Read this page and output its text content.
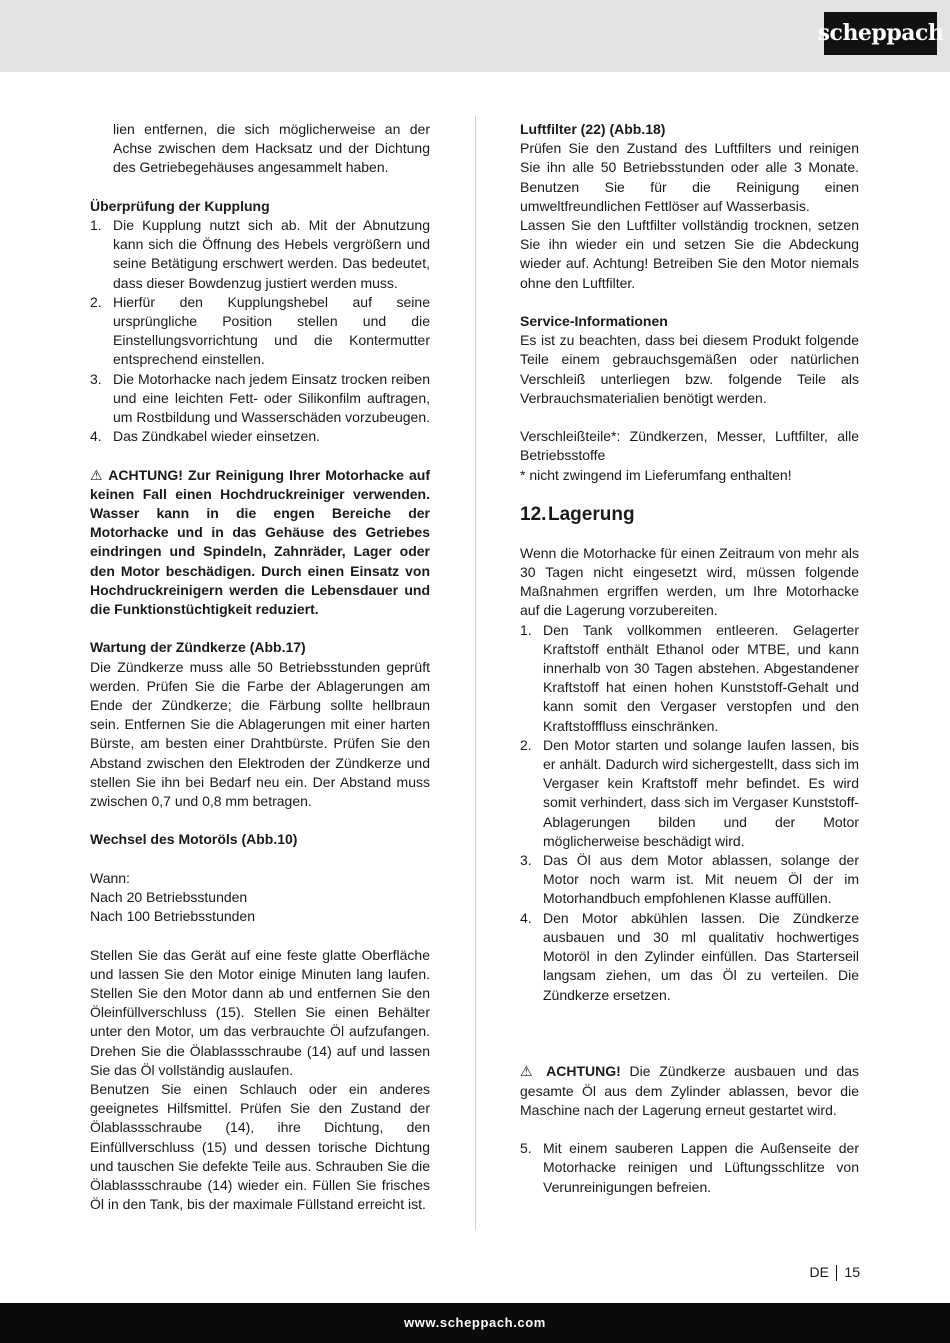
scheppach

lien entfernen, die sich möglicherweise an der Achse zwischen dem Hacksatz und der Dichtung des Getriebegehäuses angesammelt haben.

Überprüfung der Kupplung

1. Die Kupplung nutzt sich ab. Mit der Abnutzung kann sich die Öffnung des Hebels vergrößern und seine Betätigung erschwert werden. Das bedeutet, dass dieser Bowdenzug justiert werden muss.
2. Hierfür den Kupplungshebel auf seine ursprüngliche Position stellen und die Einstellungsvorrichtung und die Kontermutter entsprechend einstellen.
3. Die Motorhacke nach jedem Einsatz trocken reiben und eine leichten Fett- oder Silikonfilm auftragen, um Rostbildung und Wasserschäden vorzubeugen.
4. Das Zündkabel wieder einsetzen.

⚠ ACHTUNG! Zur Reinigung Ihrer Motorhacke auf keinen Fall einen Hochdruckreiniger verwenden. Wasser kann in die engen Bereiche der Motorhacke und in das Gehäuse des Getriebes eindringen und Spindeln, Zahnräder, Lager oder den Motor beschädigen. Durch einen Einsatz von Hochdruckreinigern werden die Lebensdauer und die Funktionstüchtigkeit reduziert.

Wartung der Zündkerze (Abb.17)

Die Zündkerze muss alle 50 Betriebsstunden geprüft werden. Prüfen Sie die Farbe der Ablagerungen am Ende der Zündkerze; die Färbung sollte hellbraun sein. Entfernen Sie die Ablagerungen mit einer harten Bürste, am besten einer Drahtbürste. Prüfen Sie den Abstand zwischen den Elektroden der Zündkerze und stellen Sie ihn bei Bedarf neu ein. Der Abstand muss zwischen 0,7 und 0,8 mm betragen.

Wechsel des Motoröls (Abb.10)

Wann:

Nach 20 Betriebsstunden

Nach 100 Betriebsstunden

Stellen Sie das Gerät auf eine feste glatte Oberfläche und lassen Sie den Motor einige Minuten lang laufen. Stellen Sie den Motor dann ab und entfernen Sie den Öleinfüllverschluss (15). Stellen Sie einen Behälter unter den Motor, um das verbrauchte Öl aufzufangen. Drehen Sie die Ölablassschraube (14) auf und lassen Sie das Öl vollständig auslaufen.

Benutzen Sie einen Schlauch oder ein anderes geeignetes Hilfsmittel. Prüfen Sie den Zustand der Ölablassschraube (14), ihre Dichtung, den Einfüllverschluss (15) und dessen torische Dichtung und tauschen Sie defekte Teile aus. Schrauben Sie die Ölablassschraube (14) wieder ein. Füllen Sie frisches Öl in den Tank, bis der maximale Füllstand erreicht ist.

Luftfilter (22) (Abb.18)

Prüfen Sie den Zustand des Luftfilters und reinigen Sie ihn alle 50 Betriebsstunden oder alle 3 Monate. Benutzen Sie für die Reinigung einen umweltfreundlichen Fettlöser auf Wasserbasis.

Lassen Sie den Luftfilter vollständig trocknen, setzen Sie ihn wieder ein und setzen Sie die Abdeckung wieder auf. Achtung! Betreiben Sie den Motor niemals ohne den Luftfilter.

Service-Informationen

Es ist zu beachten, dass bei diesem Produkt folgende Teile einem gebrauchsgemäßen oder natürlichen Verschleiß unterliegen bzw. folgende Teile als Verbrauchsmaterialien benötigt werden.

Verschleißteile*: Zündkerzen, Messer, Luftfilter, alle Betriebsstoffe

* nicht zwingend im Lieferumfang enthalten!

12.Lagerung

Wenn die Motorhacke für einen Zeitraum von mehr als 30 Tagen nicht eingesetzt wird, müssen folgende Maßnahmen ergriffen werden, um Ihre Motorhacke auf die Lagerung vorzubereiten.

1. Den Tank vollkommen entleeren. Gelagerter Kraftstoff enthält Ethanol oder MTBE, und kann innerhalb von 30 Tagen abstehen. Abgestandener Kraftstoff hat einen hohen Kunststoff-Gehalt und kann somit den Vergaser verstopfen und den Kraftstofffluss einschränken.
2. Den Motor starten und solange laufen lassen, bis er anhält. Dadurch wird sichergestellt, dass sich im Vergaser kein Kraftstoff mehr befindet. Es wird somit verhindert, dass sich im Vergaser Kunststoff-Ablagerungen bilden und der Motor möglicherweise beschädigt wird.
3. Das Öl aus dem Motor ablassen, solange der Motor noch warm ist. Mit neuem Öl der im Motorhandbuch empfohlenen Klasse auffüllen.
4. Den Motor abkühlen lassen. Die Zündkerze ausbauen und 30 ml qualitativ hochwertiges Motoröl in den Zylinder einfüllen. Das Starterseil langsam ziehen, um das Öl zu verteilen. Die Zündkerze ersetzen.

⚠ ACHTUNG! Die Zündkerze ausbauen und das gesamte Öl aus dem Zylinder ablassen, bevor die Maschine nach der Lagerung erneut gestartet wird.

5. Mit einem sauberen Lappen die Außenseite der Motorhacke reinigen und Lüftungsschlitze von Verunreinigungen befreien.
DE 15
www.scheppach.com
